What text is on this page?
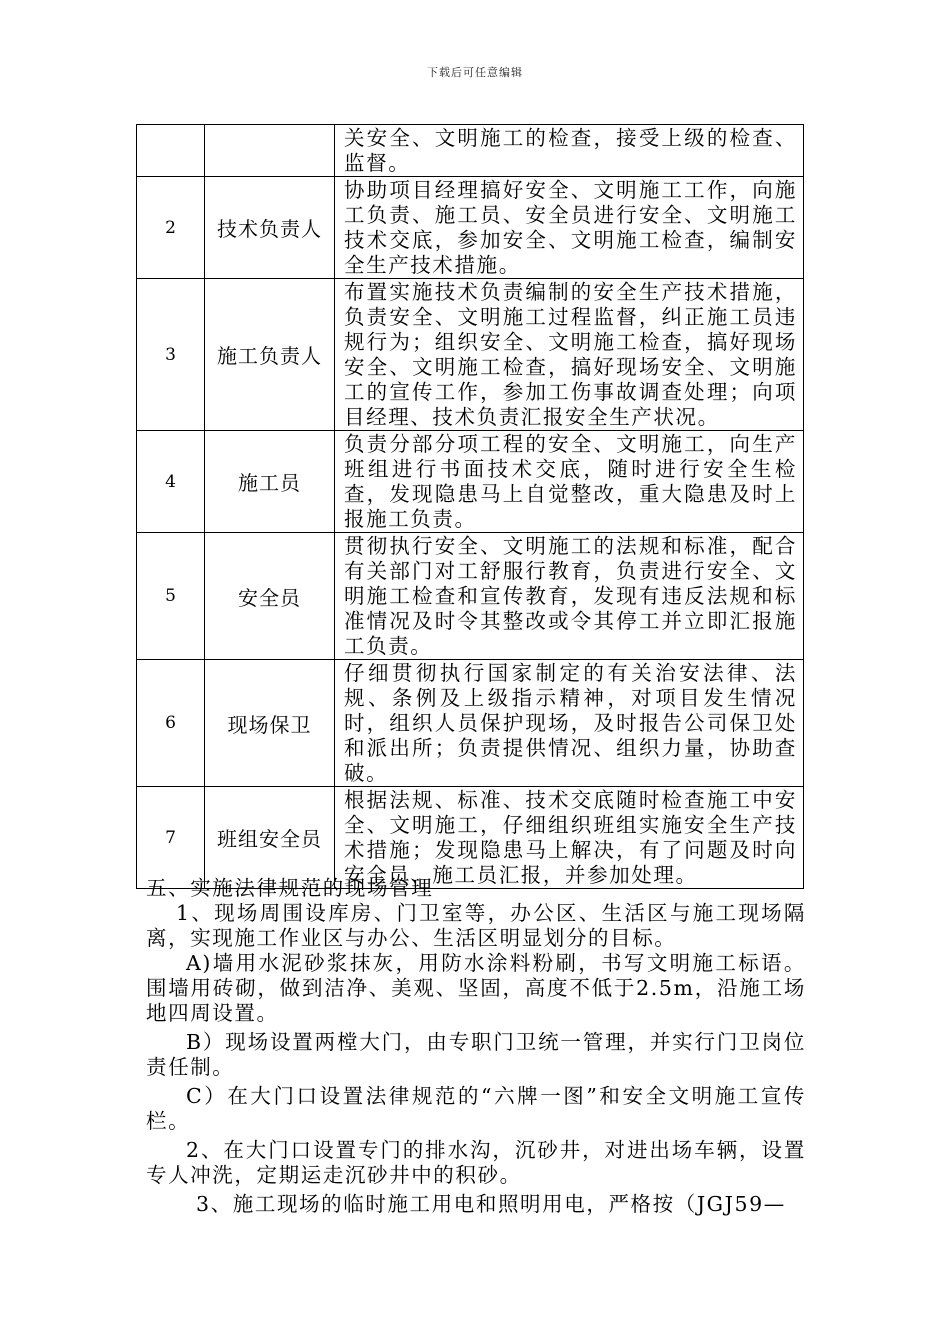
下载后可任意编辑
		关安全、文明施工的检查，接受上级的检查、监督。
2	技术负责人	协助项目经理搞好安全、文明施工工作，向施工负责、施工员、安全员进行安全、文明施工技术交底，参加安全、文明施工检查，编制安全生产技术措施。
3	施工负责人	布置实施技术负责编制的安全生产技术措施，负责安全、文明施工过程监督，纠正施工员违规行为；组织安全、文明施工检查，搞好现场安全、文明施工检查，搞好现场安全、文明施工的宣传工作，参加工伤事故调查处理；向项目经理、技术负责汇报安全生产状况。
4	施工员	负责分部分项工程的安全、文明施工，向生产班组进行书面技术交底，随时进行安全生检查，发现隐患马上自觉整改，重大隐患及时上报施工负责。
5	安全员	贯彻执行安全、文明施工的法规和标准，配合有关部门对工舒服行教育，负责进行安全、文明施工检查和宣传教育，发现有违反法规和标准情况及时令其整改或令其停工并立即汇报施工负责。
6	现场保卫	仔细贯彻执行国家制定的有关治安法律、法规、条例及上级指示精神，对项目发生情况时，组织人员保护现场，及时报告公司保卫处和派出所；负责提供情况、组织力量，协助查破。
7	班组安全员	根据法规、标准、技术交底随时检查施工中安全、文明施工，仔细组织班组实施安全生产技术措施；发现隐患马上解决，有了问题及时向安全员、施工员汇报，并参加处理。

五、实施法律规范的现场管理

1、现场周围设库房、门卫室等，办公区、生活区与施工现场隔离，实现施工作业区与办公、生活区明显划分的目标。

A)墙用水泥砂浆抹灰，用防水涂料粉刷，书写文明施工标语。围墙用砖砌，做到洁净、美观、坚固，高度不低于2.5m，沿施工场地四周设置。

B）现场设置两樘大门，由专职门卫统一管理，并实行门卫岗位责任制。

C）在大门口设置法律规范的“六牌一图”和安全文明施工宣传栏。

2、在大门口设置专门的排水沟，沉砂井，对进出场车辆，设置专人冲洗，定期运走沉砂井中的积砂。

3、施工现场的临时施工用电和照明用电，严格按（JGJ59—
